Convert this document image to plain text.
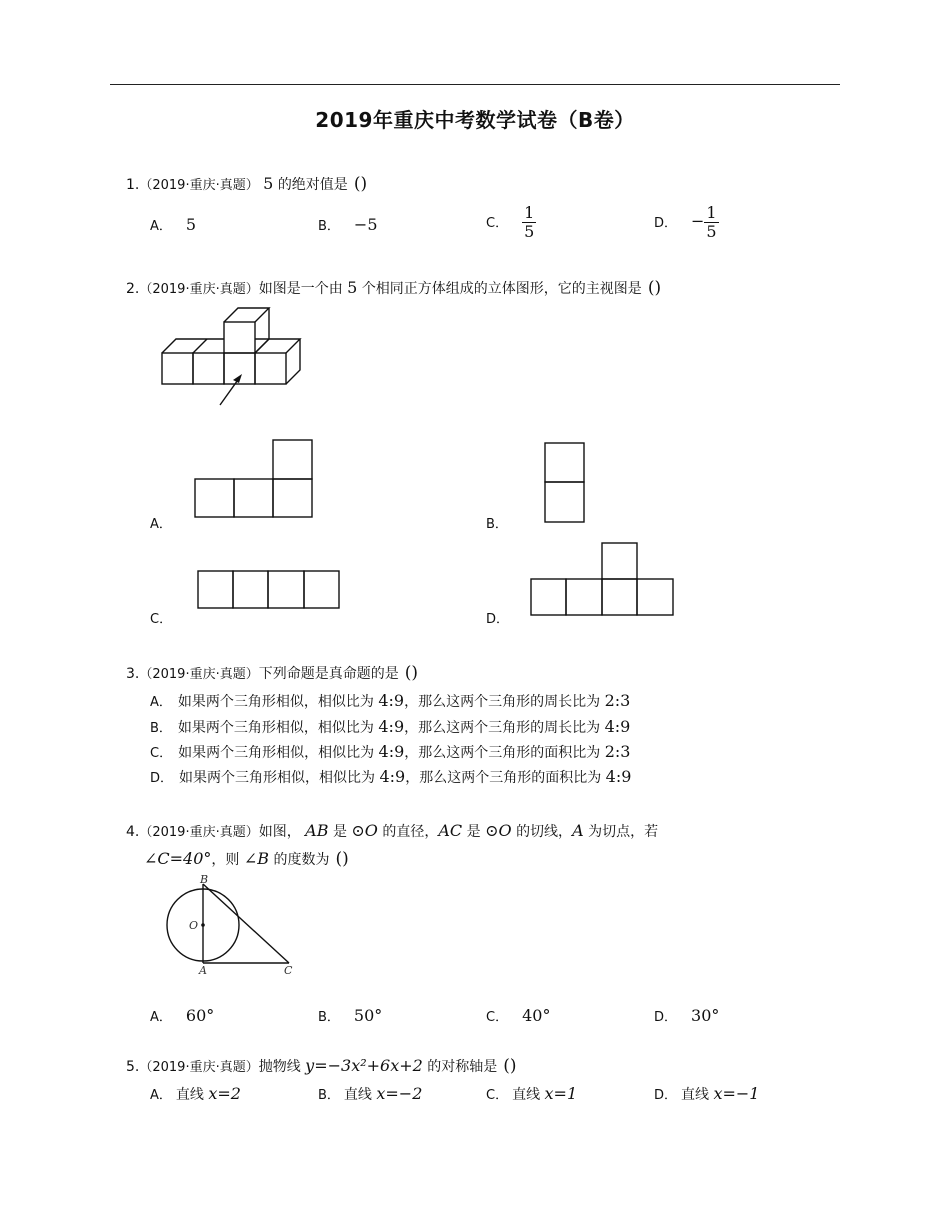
2019年重庆中考数学试卷（B卷）
1.（2019·重庆·真题） 5 的绝对值是 ()
A． 5	B． −5	C． $\frac{1}{5}$	D． − $\frac{1}{5}$
2.（2019·重庆·真题）如图是一个由 5 个相同正方体组成的立体图形，它的主视图是 ()
A．	B．
C．	D．
3.（2019·重庆·真题）下列命题是真命题的是 ()
A． 如果两个三角形相似，相似比为 4:9，那么这两个三角形的周长比为 2:3
B． 如果两个三角形相似，相似比为 4:9，那么这两个三角形的周长比为 4:9
C． 如果两个三角形相似，相似比为 4:9，那么这两个三角形的面积比为 2:3
D． 如果两个三角形相似，相似比为 4:9，那么这两个三角形的面积比为 4:9
4.（2019·重庆·真题）如图， AB 是 ⊙O 的直径，AC 是 ⊙O 的切线，A 为切点，若
∠C=40°，则 ∠B 的度数为 ()
B
O
A	C
A． 60°	B． 50°	C． 40°	D． 30°
5.（2019·重庆·真题）抛物线 y=−3x²+6x+2 的对称轴是 ()
A． 直线 x=2	B． 直线 x=−2	C． 直线 x=1	D． 直线 x=−1
